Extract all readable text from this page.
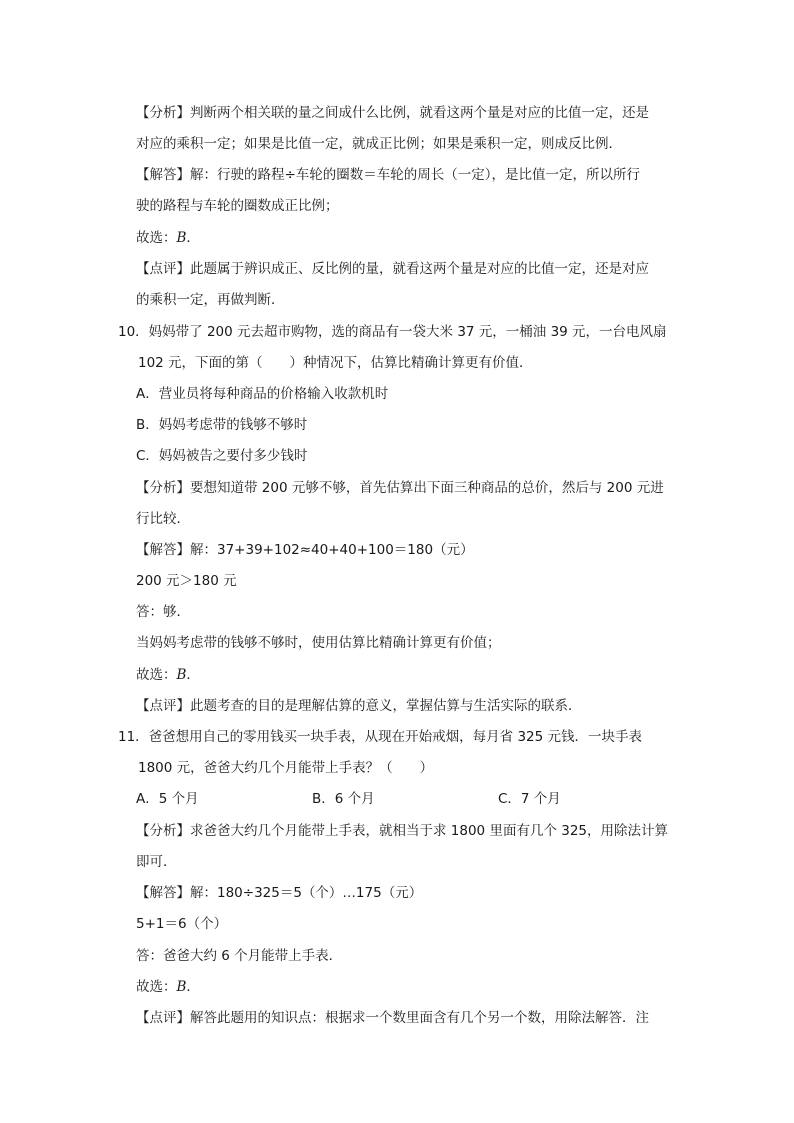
【分析】判断两个相关联的量之间成什么比例，就看这两个量是对应的比值一定，还是
对应的乘积一定；如果是比值一定，就成正比例；如果是乘积一定，则成反比例．
【解答】解：行驶的路程÷车轮的圈数＝车轮的周长（一定），是比值一定，所以所行
驶的路程与车轮的圈数成正比例；
故选：B．
【点评】此题属于辨识成正、反比例的量，就看这两个量是对应的比值一定，还是对应
的乘积一定，再做判断．
10．妈妈带了 200 元去超市购物，选的商品有一袋大米 37 元，一桶油 39 元，一台电风扇
102 元，下面的第（　　）种情况下，估算比精确计算更有价值．
A．营业员将每种商品的价格输入收款机时
B．妈妈考虑带的钱够不够时
C．妈妈被告之要付多少钱时
【分析】要想知道带 200 元够不够，首先估算出下面三种商品的总价，然后与 200 元进
行比较．
【解答】解：37+39+102≈40+40+100＝180（元）
200 元＞180 元
答：够．
当妈妈考虑带的钱够不够时，使用估算比精确计算更有价值；
故选：B．
【点评】此题考查的目的是理解估算的意义，掌握估算与生活实际的联系．
11．爸爸想用自己的零用钱买一块手表，从现在开始戒烟，每月省 325 元钱．一块手表
1800 元，爸爸大约几个月能带上手表？（　　）
A．5 个月	B．6 个月	C．7 个月
【分析】求爸爸大约几个月能带上手表，就相当于求 1800 里面有几个 325，用除法计算
即可．
【解答】解：180÷325＝5（个）…175（元）
5+1＝6（个）
答：爸爸大约 6 个月能带上手表．
故选：B．
【点评】解答此题用的知识点：根据求一个数里面含有几个另一个数，用除法解答．注
